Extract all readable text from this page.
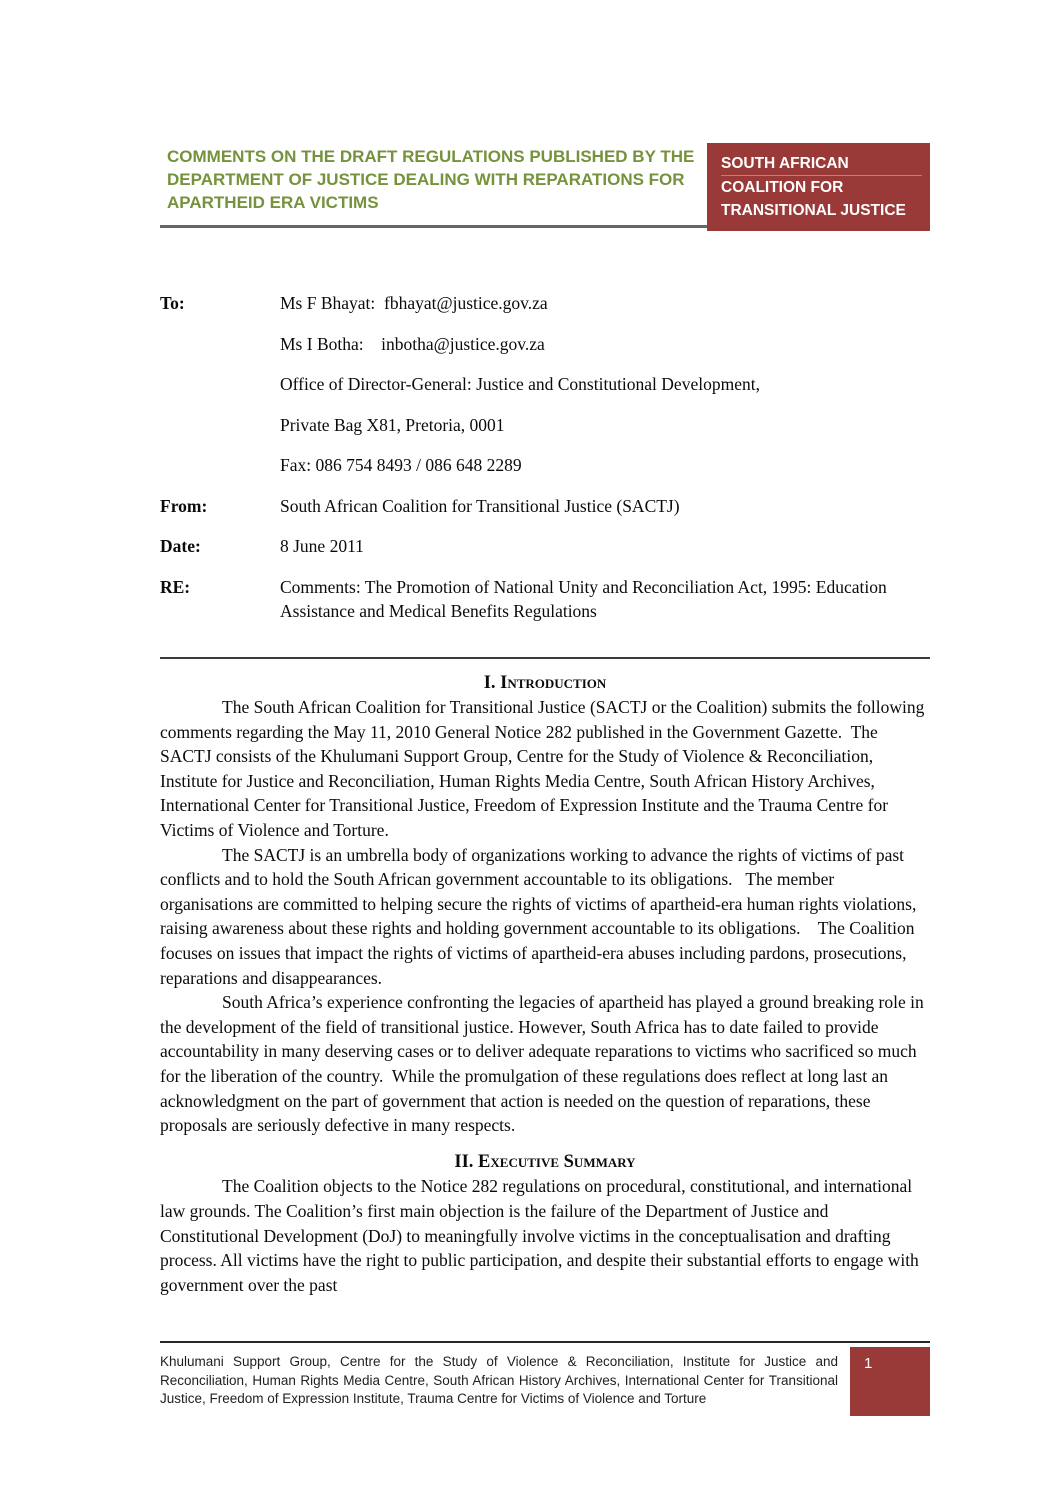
COMMENTS ON THE DRAFT REGULATIONS PUBLISHED BY THE DEPARTMENT OF JUSTICE DEALING WITH REPARATIONS FOR APARTHEID ERA VICTIMS
SOUTH AFRICAN
COALITION FOR
TRANSITIONAL JUSTICE
To:	Ms F Bhayat:  fbhayat@justice.gov.za
Ms I Botha:    inbotha@justice.gov.za
Office of Director-General: Justice and Constitutional Development,
Private Bag X81, Pretoria, 0001
Fax: 086 754 8493 / 086 648 2289
From:	South African Coalition for Transitional Justice (SACTJ)
Date:	8 June 2011
RE:	Comments: The Promotion of National Unity and Reconciliation Act, 1995: Education Assistance and Medical Benefits Regulations
I. Introduction

The South African Coalition for Transitional Justice (SACTJ or the Coalition) submits the following comments regarding the May 11, 2010 General Notice 282 published in the Government Gazette.  The SACTJ consists of the Khulumani Support Group, Centre for the Study of Violence & Reconciliation, Institute for Justice and Reconciliation, Human Rights Media Centre, South African History Archives, International Center for Transitional Justice, Freedom of Expression Institute and the Trauma Centre for Victims of Violence and Torture.

The SACTJ is an umbrella body of organizations working to advance the rights of victims of past conflicts and to hold the South African government accountable to its obligations.   The member organisations are committed to helping secure the rights of victims of apartheid-era human rights violations, raising awareness about these rights and holding government accountable to its obligations.    The Coalition focuses on issues that impact the rights of victims of apartheid-era abuses including pardons, prosecutions, reparations and disappearances.

South Africa’s experience confronting the legacies of apartheid has played a ground breaking role in the development of the field of transitional justice. However, South Africa has to date failed to provide accountability in many deserving cases or to deliver adequate reparations to victims who sacrificed so much for the liberation of the country.  While the promulgation of these regulations does reflect at long last an acknowledgment on the part of government that action is needed on the question of reparations, these proposals are seriously defective in many respects.

II. Executive Summary

The Coalition objects to the Notice 282 regulations on procedural, constitutional, and international law grounds. The Coalition’s first main objection is the failure of the Department of Justice and Constitutional Development (DoJ) to meaningfully involve victims in the conceptualisation and drafting process. All victims have the right to public participation, and despite their substantial efforts to engage with government over the past

Khulumani Support Group, Centre for the Study of Violence & Reconciliation, Institute for Justice and Reconciliation, Human Rights Media Centre, South African History Archives, International Center for Transitional Justice, Freedom of Expression Institute, Trauma Centre for Victims of Violence and Torture
1
